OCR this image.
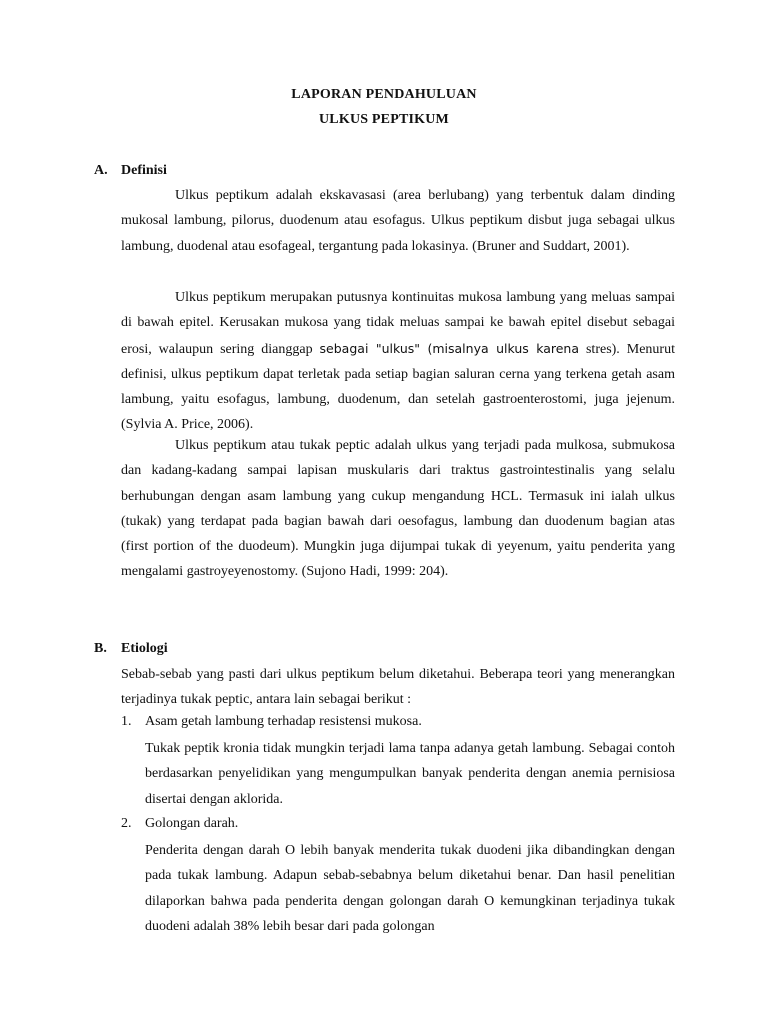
LAPORAN PENDAHULUAN
ULKUS PEPTIKUM
A. Definisi

Ulkus peptikum adalah ekskavasasi (area berlubang) yang terbentuk dalam dinding mukosal lambung, pilorus, duodenum atau esofagus. Ulkus peptikum disbut juga sebagai ulkus lambung, duodenal atau esofageal, tergantung pada lokasinya. (Bruner and Suddart, 2001).

Ulkus peptikum merupakan putusnya kontinuitas mukosa lambung yang meluas sampai di bawah epitel. Kerusakan mukosa yang tidak meluas sampai ke bawah epitel disebut sebagai erosi, walaupun sering dianggap sebagai "ulkus" (misalnya ulkus karena stres). Menurut definisi, ulkus peptikum dapat terletak pada setiap bagian saluran cerna yang terkena getah asam lambung, yaitu esofagus, lambung, duodenum, dan setelah gastroenterostomi, juga jejenum.(Sylvia A. Price, 2006).

Ulkus peptikum atau tukak peptic adalah ulkus yang terjadi pada mulkosa, submukosa dan kadang-kadang sampai lapisan muskularis dari traktus gastrointestinalis yang selalu berhubungan dengan asam lambung yang cukup mengandung HCL. Termasuk ini ialah ulkus (tukak) yang terdapat pada bagian bawah dari oesofagus, lambung dan duodenum bagian atas (first portion of the duodeum). Mungkin juga dijumpai tukak di yeyenum, yaitu penderita yang mengalami gastroyeyenostomy. (Sujono Hadi, 1999: 204).

B. Etiologi

Sebab-sebab yang pasti dari ulkus peptikum belum diketahui. Beberapa teori yang menerangkan terjadinya tukak peptic, antara lain sebagai berikut :

1. Asam getah lambung terhadap resistensi mukosa.

Tukak peptik kronia tidak mungkin terjadi lama tanpa adanya getah lambung. Sebagai contoh berdasarkan penyelidikan yang mengumpulkan banyak penderita dengan anemia pernisiosa disertai dengan aklorida.

2. Golongan darah.

Penderita dengan darah O lebih banyak menderita tukak duodeni jika dibandingkan dengan pada tukak lambung. Adapun sebab-sebabnya belum diketahui benar. Dan hasil penelitian dilaporkan bahwa pada penderita dengan golongan darah O kemungkinan terjadinya tukak duodeni adalah 38% lebih besar dari pada golongan
